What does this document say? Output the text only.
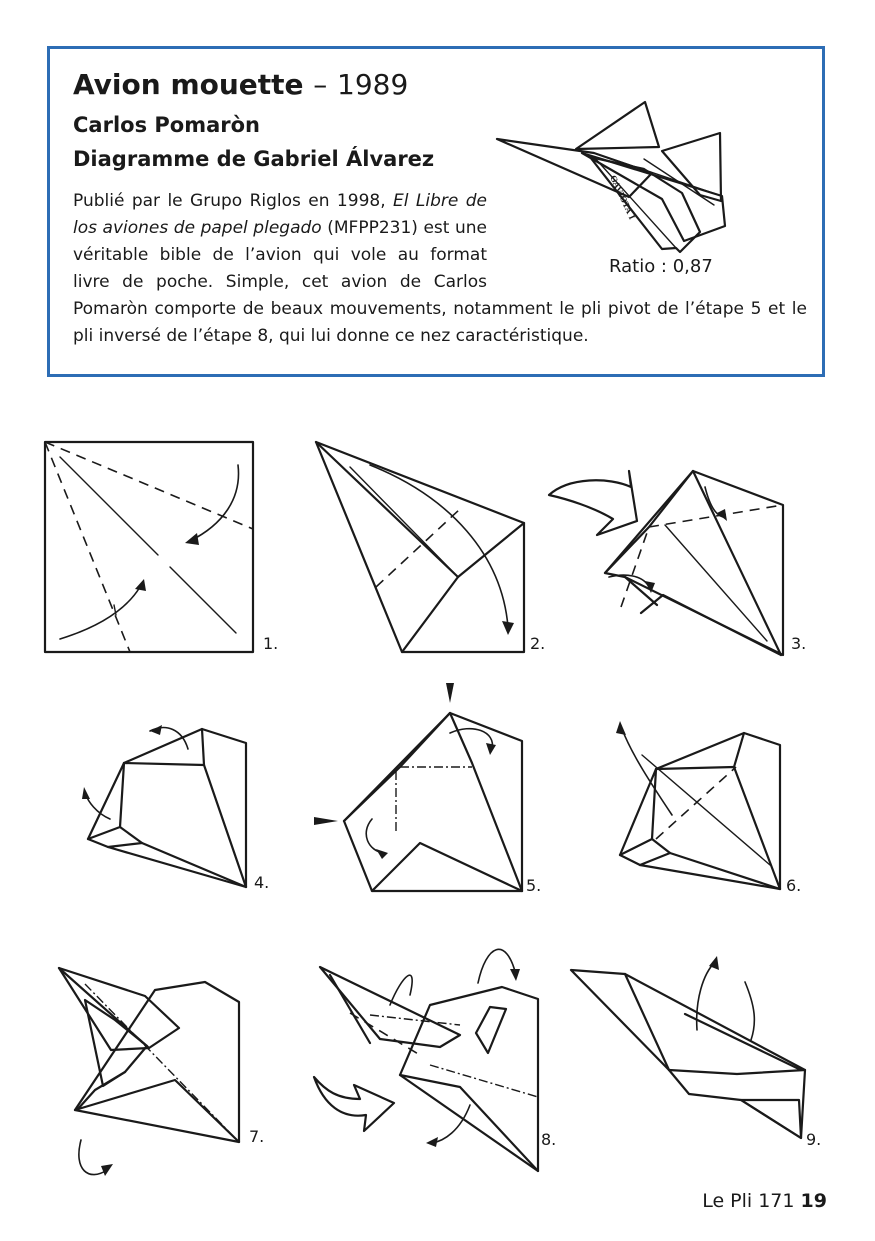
Avion mouette – 1989

Carlos Pomaròn

Diagramme de Gabriel Álvarez

GAVIOTA I
Ratio : 0,87

Publié par le Grupo Riglos en 1998, El Libre de los aviones de papel plegado (MFPP231) est une véritable bible de l’avion qui vole au format livre de poche. Simple, cet avion de Carlos Pomaròn comporte de beaux mouvements, notamment le pli pivot de l’étape 5 et le pli inversé de l’étape 8, qui lui donne ce nez caractéristique.

1.	2.	3.
4.	5.	6.
7.	8.	9.
Le Pli 171 19
